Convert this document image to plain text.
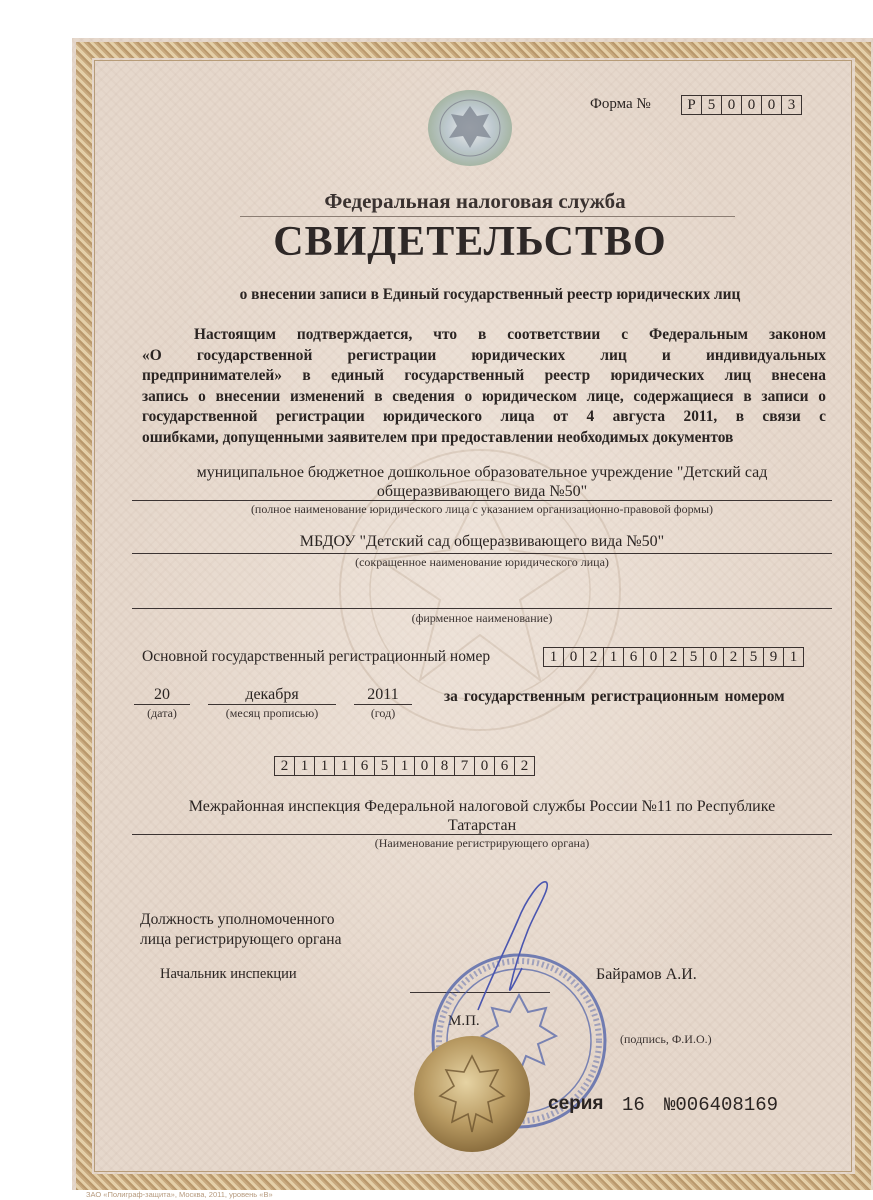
Форма №	Р 5 0 0 0 3
Федеральная налоговая служба
СВИДЕТЕЛЬСТВО
о внесении записи в Единый государственный реестр юридических лиц
Настоящим подтверждается, что в соответствии с Федеральным законом
«О государственной регистрации юридических лиц и индивидуальных
предпринимателей» в единый государственный реестр юридических лиц внесена
запись о внесении изменений в сведения о юридическом лице, содержащиеся в записи о
государственной регистрации юридического лица от 4 августа 2011, в связи с
ошибками, допущенными заявителем при предоставлении необходимых документов
муниципальное бюджетное дошкольное образовательное учреждение "Детский сад
общеразвивающего вида №50"
(полное наименование юридического лица с указанием организационно-правовой формы)
МБДОУ "Детский сад общеразвивающего вида №50"
(сокращенное наименование юридического лица)
(фирменное наименование)
Основной государственный регистрационный номер	1 0 2 1 6 0 2 5 0 2 5 9 1
20
(дата)
декабря
(месяц прописью)
2011
(год)
за государственным регистрационным номером
2 1 1 1 6 5 1 0 8 7 0 6 2
Межрайонная инспекция Федеральной налоговой службы России №11 по Республике
Татарстан
(Наименование регистрирующего органа)
Должность уполномоченного
лица регистрирующего органа
Начальник инспекции	Байрамов А.И.
М.П.
(подпись, Ф.И.О.)
серия 16 №006408169
ЗАО «Полиграф-защита», Москва, 2011, уровень «В»
